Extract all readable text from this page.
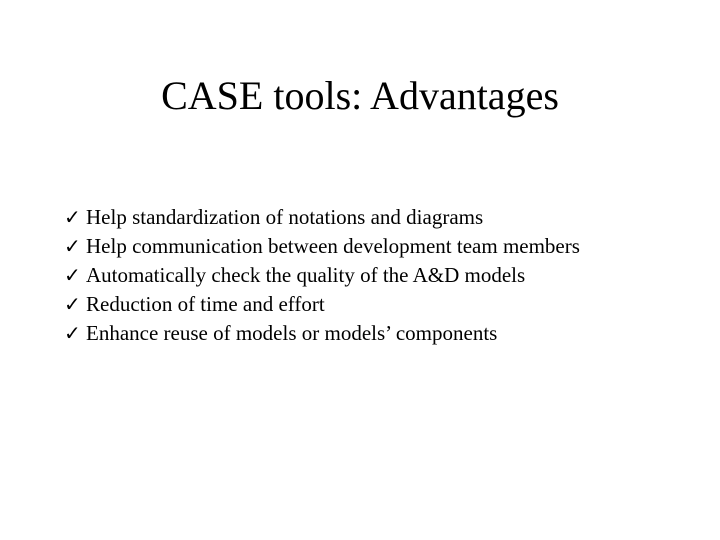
CASE tools: Advantages
✓ Help standardization of notations and diagrams
✓ Help communication between development team members
✓ Automatically check the quality of the A&D models
✓ Reduction of time and effort
✓ Enhance reuse of models or models’ components
